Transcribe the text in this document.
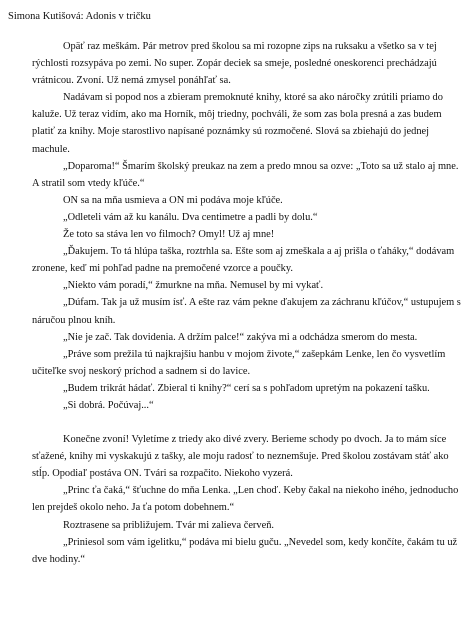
Simona Kutišová: Adonis v tričku

Opäť raz meškám. Pár metrov pred školou sa mi rozopne zips na ruksaku a všetko sa v tej rýchlosti rozsypáva po zemi. No super. Zopár deciek sa smeje, posledné oneskorenci prechádzajú vrátnicou. Zvoní. Už nemá zmysel ponáhľať sa.

Nadávam si popod nos a zbieram premoknuté knihy, ktoré sa ako náročky zrútili priamo do kaluže. Už teraz vidím, ako ma Horník, môj triedny, pochváli, že som zas bola presná a zas budem platiť za knihy. Moje starostlivo napísané poznámky sú rozmočené. Slová sa zbiehajú do jednej machule.

„Doparoma!“ Šmarím školský preukaz na zem a predo mnou sa ozve: „Toto sa už stalo aj mne. A stratil som vtedy kľúče.“

ON sa na mňa usmieva a ON mi podáva moje kľúče.

„Odleteli vám až ku kanálu. Dva centimetre a padli by dolu.“

Že toto sa stáva len vo filmoch? Omyl! Už aj mne!

„Ďakujem. To tá hlúpa taška, roztrhla sa. Ešte som aj zmeškala a aj prišla o ťaháky,“ dodávam zronene, keď mi pohľad padne na premočené vzorce a poučky.

„Niekto vám poradí,“ žmurkne na mňa. Nemusel by mi vykať.

„Dúfam. Tak ja už musím ísť. A ešte raz vám pekne ďakujem za záchranu kľúčov,“ ustupujem s náručou plnou kníh.

„Nie je zač. Tak dovidenia. A držím palce!“ zakýva mi a odchádza smerom do mesta.

„Práve som prežila tú najkrajšiu hanbu v mojom živote,“ zašepkám Lenke, len čo vysvetlím učiteľke svoj neskorý príchod a sadnem si do lavice.

„Budem trikrát hádať. Zbieral ti knihy?“ cerí sa s pohľadom upretým na pokazení tašku.

„Si dobrá. Počúvaj...“

Konečne zvoní! Vyletíme z triedy ako divé zvery. Berieme schody po dvoch. Ja to mám síce sťažené, knihy mi vyskakujú z tašky, ale moju radosť to neznemšuje. Pred školou zostávam stáť ako stĺp. Opodiaľ postáva ON. Tvári sa rozpačito. Niekoho vyzerá.

„Princ ťa čaká,“ šťuchne do mňa Lenka. „Len choď. Keby čakal na niekoho iného, jednoducho len prejdeš okolo neho. Ja ťa potom dobehnem.“

Roztrasene sa približujem. Tvár mi zalieva červeň.

„Priniesol som vám igelitku,“ podáva mi bielu guču. „Nevedel som, kedy končíte, čakám tu už dve hodiny.“
